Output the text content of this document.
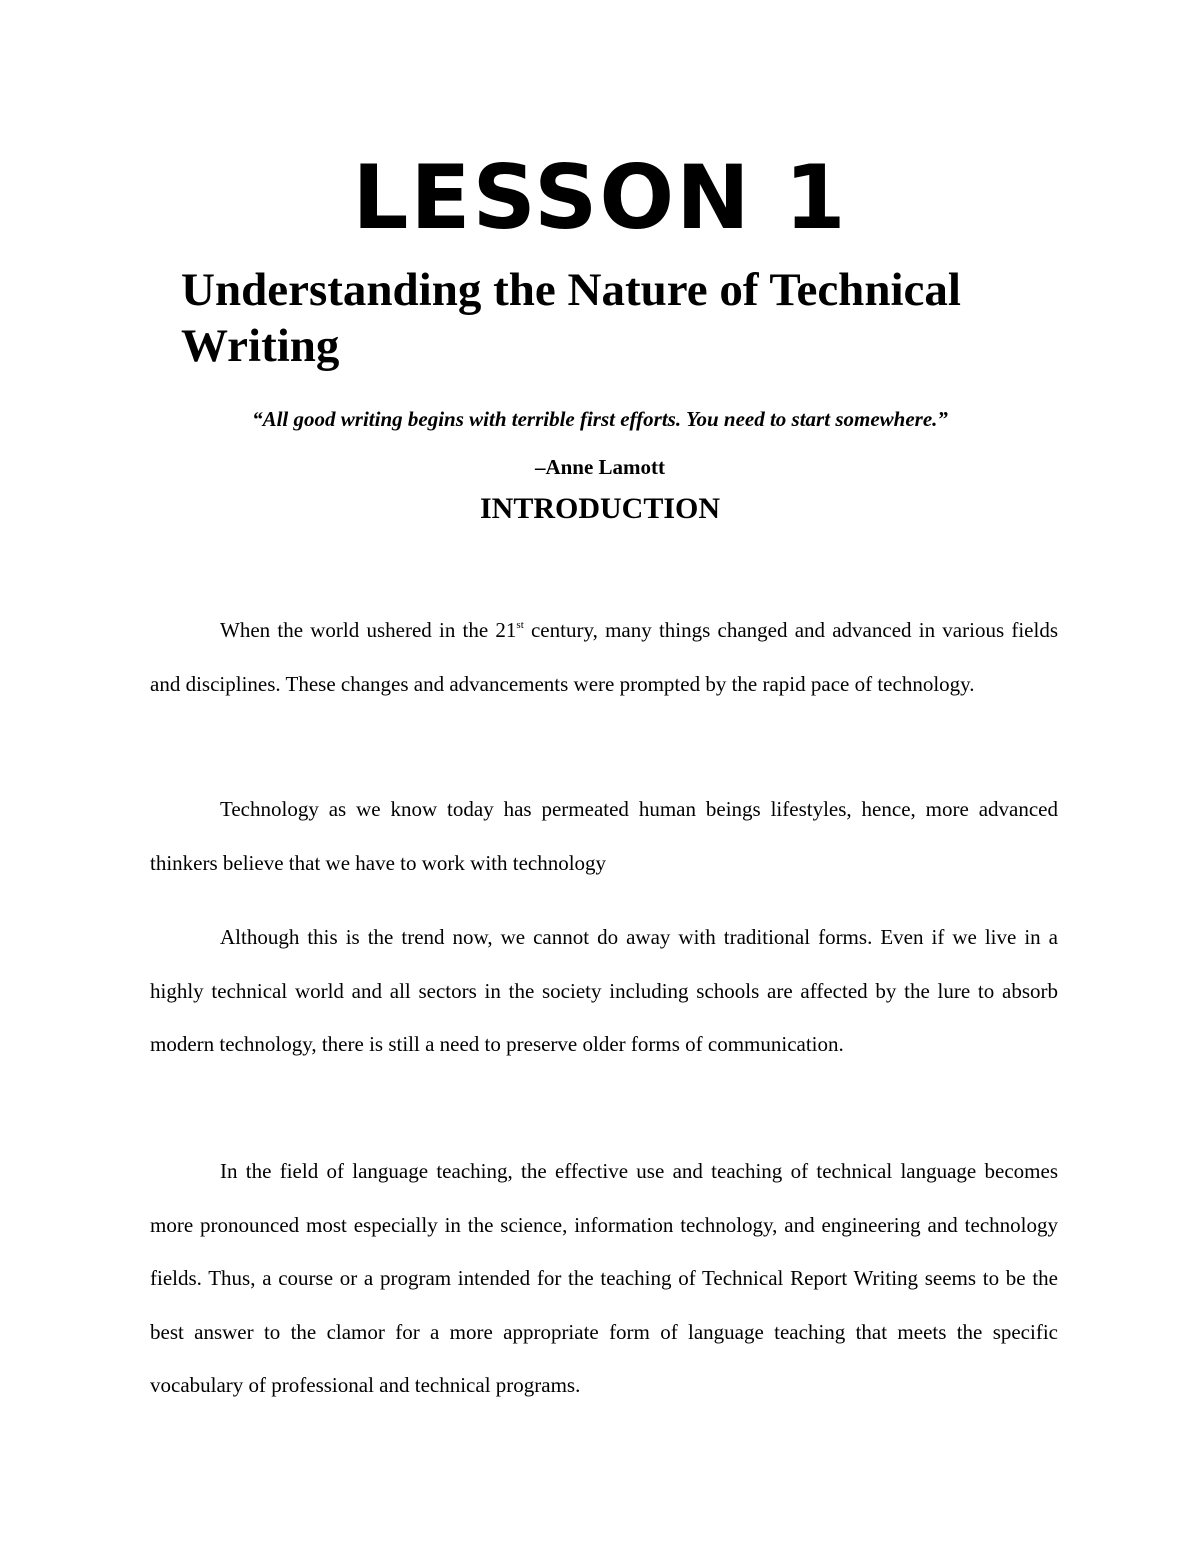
LESSON 1
Understanding the Nature of Technical Writing

“All good writing begins with terrible first efforts. You need to start somewhere.”

–Anne Lamott

INTRODUCTION

When the world ushered in the 21st century, many things changed and advanced in various fields and disciplines. These changes and advancements were prompted by the rapid pace of technology.

Technology as we know today has permeated human beings lifestyles, hence, more advanced thinkers believe that we have to work with technology

Although this is the trend now, we cannot do away with traditional forms. Even if we live in a highly technical world and all sectors in the society including schools are affected by the lure to absorb modern technology, there is still a need to preserve older forms of communication.

In the field of language teaching, the effective use and teaching of technical language becomes more pronounced most especially in the science, information technology, and engineering and technology fields. Thus, a course or a program intended for the teaching of Technical Report Writing seems to be the best answer to the clamor for a more appropriate form of language teaching that meets the specific vocabulary of professional and technical programs.
